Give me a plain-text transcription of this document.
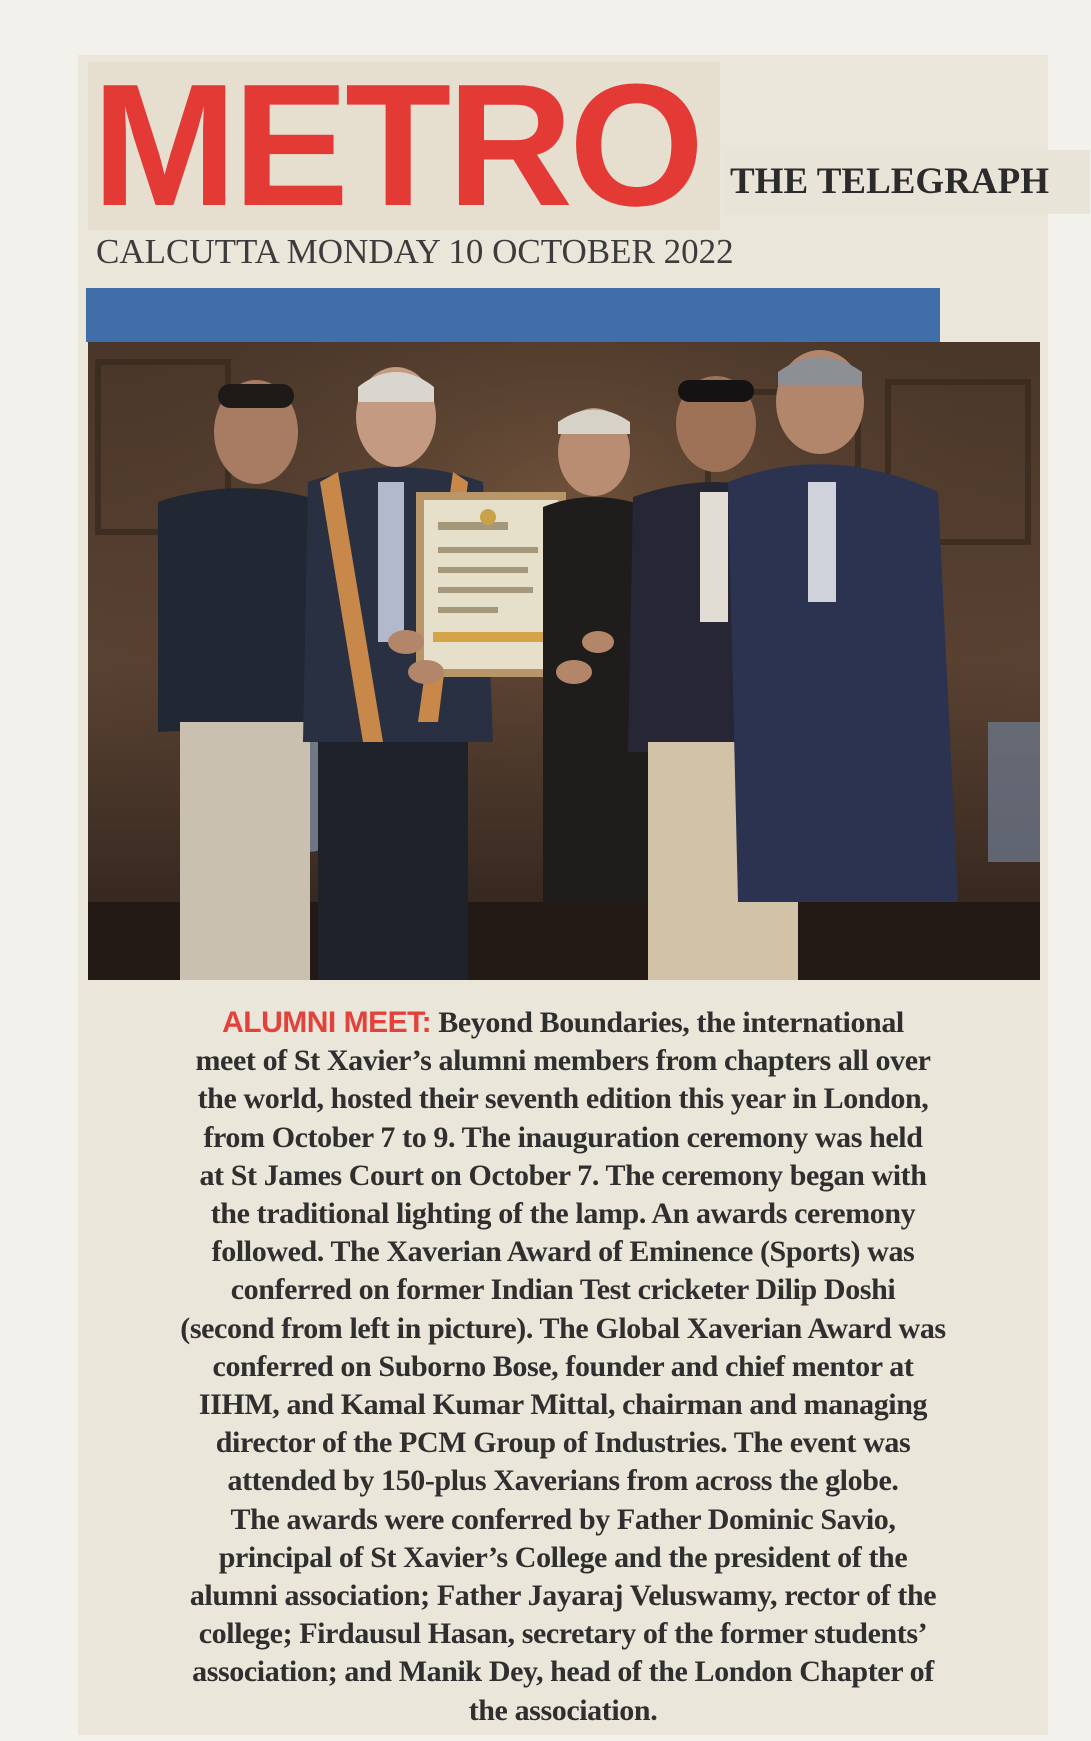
METRO THE TELEGRAPH
CALCUTTA MONDAY 10 OCTOBER 2022
ALUMNI MEET: Beyond Boundaries, the international
meet of St Xavier’s alumni members from chapters all over
the world, hosted their seventh edition this year in London,
from October 7 to 9. The inauguration ceremony was held
at St James Court on October 7. The ceremony began with
the traditional lighting of the lamp. An awards ceremony
followed. The Xaverian Award of Eminence (Sports) was
conferred on former Indian Test cricketer Dilip Doshi
(second from left in picture). The Global Xaverian Award was
conferred on Suborno Bose, founder and chief mentor at
IIHM, and Kamal Kumar Mittal, chairman and managing
director of the PCM Group of Industries. The event was
attended by 150-plus Xaverians from across the globe.
The awards were conferred by Father Dominic Savio,
principal of St Xavier’s College and the president of the
alumni association; Father Jayaraj Veluswamy, rector of the
college; Firdausul Hasan, secretary of the former students’
association; and Manik Dey, head of the London Chapter of
the association.
